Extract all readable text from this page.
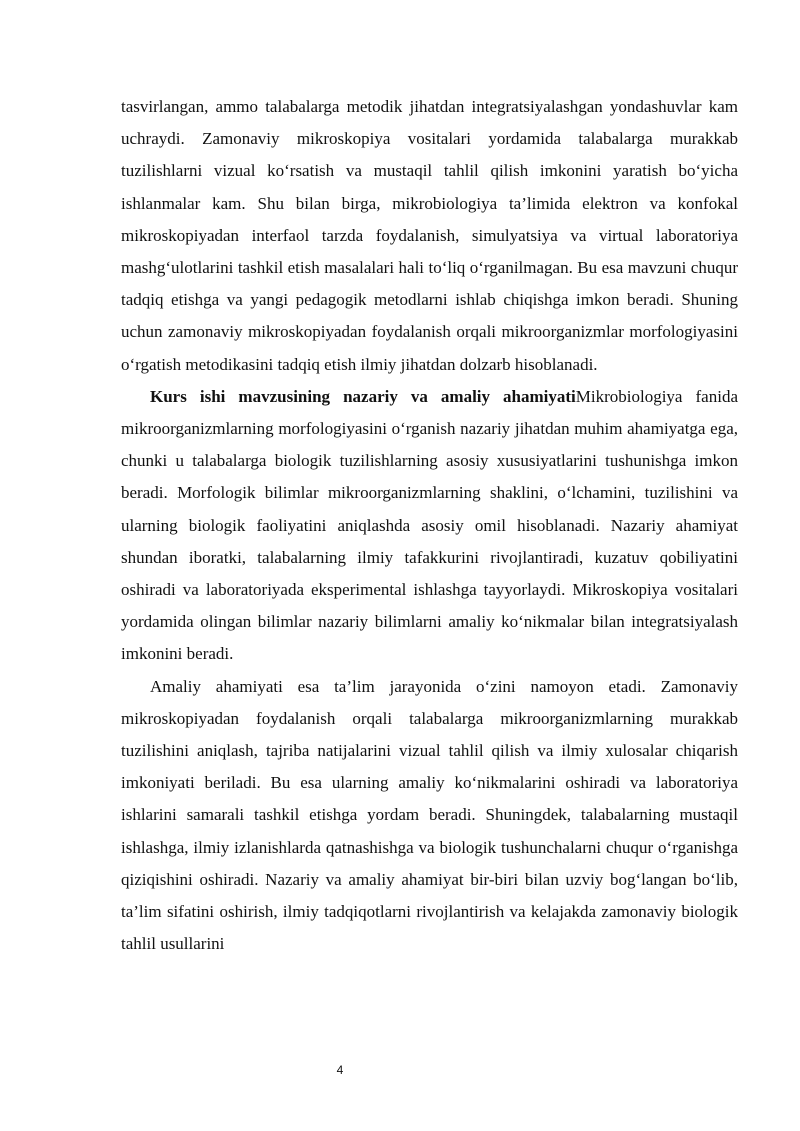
tasvirlangan, ammo talabalarga metodik jihatdan integratsiyalashgan yondashuvlar kam uchraydi. Zamonaviy mikroskopiya vositalari yordamida talabalarga murakkab tuzilishlarni vizual ko‘rsatish va mustaqil tahlil qilish imkonini yaratish bo‘yicha ishlanmalar kam. Shu bilan birga, mikrobiologiya ta’limida elektron va konfokal mikroskopiyadan interfaol tarzda foydalanish, simulyatsiya va virtual laboratoriya mashg‘ulotlarini tashkil etish masalalari hali to‘liq o‘rganilmagan. Bu esa mavzuni chuqur tadqiq etishga va yangi pedagogik metodlarni ishlab chiqishga imkon beradi. Shuning uchun zamonaviy mikroskopiyadan foydalanish orqali mikroorganizmlar morfologiyasini o‘rgatish metodikasini tadqiq etish ilmiy jihatdan dolzarb hisoblanadi.

Kurs ishi mavzusining nazariy va amaliy ahamiyatiMikrobiologiya fanida mikroorganizmlarning morfologiyasini o‘rganish nazariy jihatdan muhim ahamiyatga ega, chunki u talabalarga biologik tuzilishlarning asosiy xususiyatlarini tushunishga imkon beradi. Morfologik bilimlar mikroorganizmlarning shaklini, o‘lchamini, tuzilishini va ularning biologik faoliyatini aniqlashda asosiy omil hisoblanadi. Nazariy ahamiyat shundan iboratki, talabalarning ilmiy tafakkurini rivojlantiradi, kuzatuv qobiliyatini oshiradi va laboratoriyada eksperimental ishlashga tayyorlaydi. Mikroskopiya vositalari yordamida olingan bilimlar nazariy bilimlarni amaliy ko‘nikmalar bilan integratsiyalash imkonini beradi.

Amaliy ahamiyati esa ta’lim jarayonida o‘zini namoyon etadi. Zamonaviy mikroskopiyadan foydalanish orqali talabalarga mikroorganizmlarning murakkab tuzilishini aniqlash, tajriba natijalarini vizual tahlil qilish va ilmiy xulosalar chiqarish imkoniyati beriladi. Bu esa ularning amaliy ko‘nikmalarini oshiradi va laboratoriya ishlarini samarali tashkil etishga yordam beradi. Shuningdek, talabalarning mustaqil ishlashga, ilmiy izlanishlarda qatnashishga va biologik tushunchalarni chuqur o‘rganishga qiziqishini oshiradi. Nazariy va amaliy ahamiyat bir-biri bilan uzviy bog‘langan bo‘lib, ta’lim sifatini oshirish, ilmiy tadqiqotlarni rivojlantirish va kelajakda zamonaviy biologik tahlil usullarini

4
